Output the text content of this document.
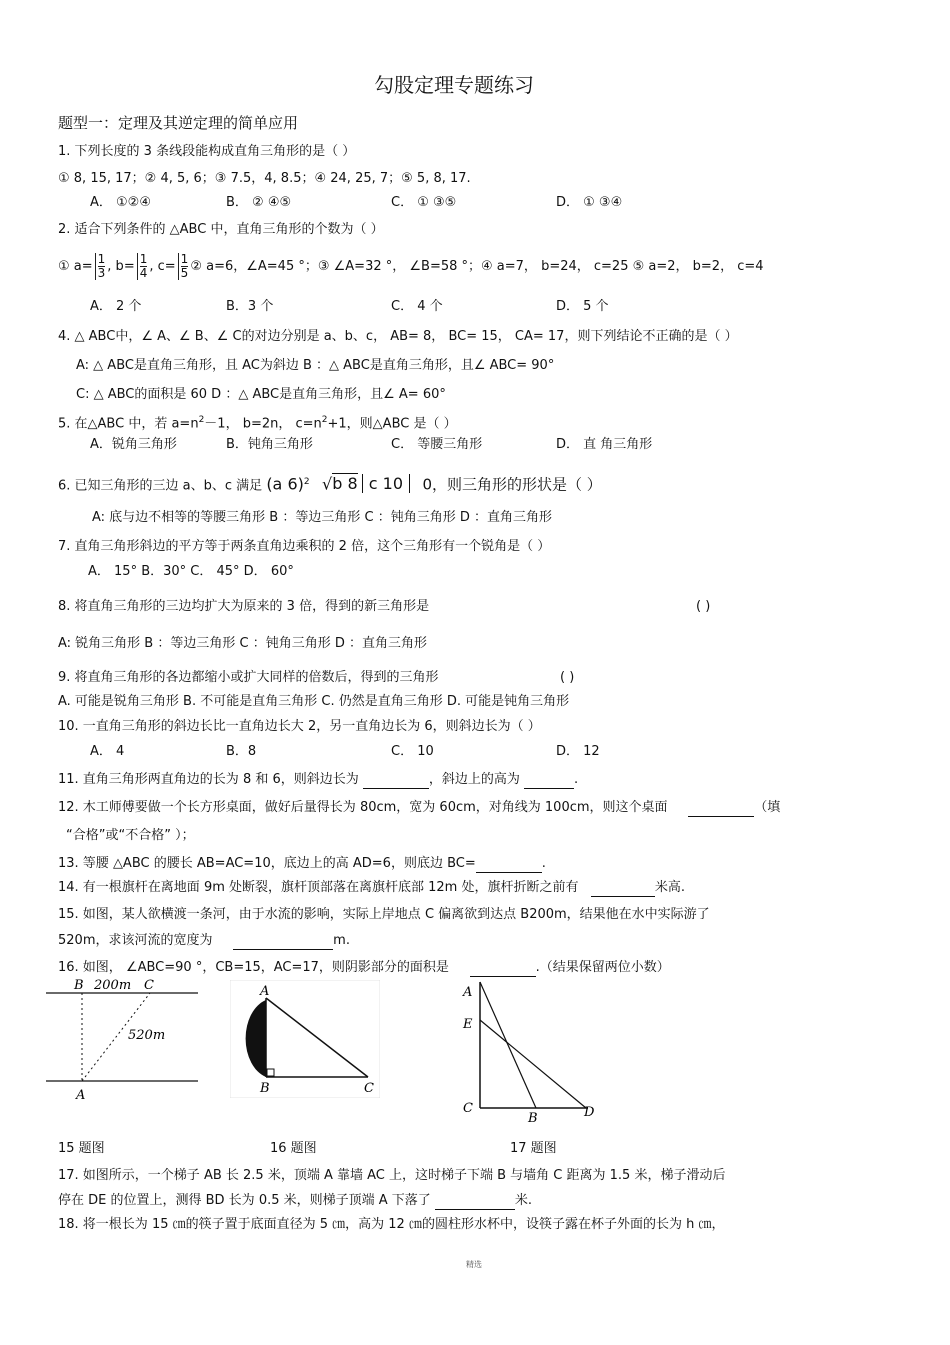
勾股定理专题练习
题型一：定理及其逆定理的简单应用
1. 下列长度的 3 条线段能构成直角三角形的是（ ）
① 8, 15, 17；② 4, 5, 6；③ 7.5，4, 8.5；④ 24, 25, 7；⑤ 5, 8, 17.
A． ①②④	B． ② ④⑤	C． ① ③⑤	D． ① ③④
2. 适合下列条件的 △ABC 中，直角三角形的个数为（ ）
① $a= \frac{1}{3}$ , $b= \frac{1}{4}$ , $c= \frac{1}{5}$ ② a=6，∠A=45 °；③ ∠A=32 °， ∠B=58 °；④ a=7， b=24， c=25 ⑤ a=2， b=2， c=4
A． 2 个	B．3 个	C． 4 个	D． 5 个
4. △ ABC中，∠ A、∠ B、∠ C的对边分别是 a、b、c， AB= 8， BC= 15， CA= 17，则下列结论不正确的是（ ）
A: △ ABC是直角三角形，且 AC为斜边 B ：△ ABC是直角三角形，且∠ ABC= 90°
C: △ ABC的面积是 60 D ：△ ABC是直角三角形，且∠ A= 60°
5. 在△ABC 中，若 $a=n^2-1$， b=2n， $c=n^2+1$，则△ABC 是（ ）
A．锐角三角形	B．钝角三角形	C． 等腰三角形	D． 直 角三角形
6. 已知三角形的三边 a、b、c 满足 (a 6)$^2$ √b 8 c 10 0，则三角形的形状是（ ）
A: 底与边不相等的等腰三角形 B ：等边三角形 C ：钝角三角形 D ：直角三角形
7. 直角三角形斜边的平方等于两条直角边乘积的 2 倍，这个三角形有一个锐角是（ ）
A． 15° B．30° C． 45° D． 60°
8. 将直角三角形的三边均扩大为原来的 3 倍，得到的新三角形是	( )
A: 锐角三角形 B ：等边三角形 C ：钝角三角形 D ：直角三角形
9. 将直角三角形的各边都缩小或扩大同样的倍数后，得到的三角形	( )
A. 可能是锐角三角形 B. 不可能是直角三角形 C. 仍然是直角三角形 D. 可能是钝角三角形
10. 一直角三角形的斜边长比一直角边长大 2，另一直角边长为 6，则斜边长为（ ）
A． 4	B．8	C． 10	D． 12
11. 直角三角形两直角边的长为 8 和 6，则斜边长为	，斜边上的高为	.
12. 木工师傅要做一个长方形桌面，做好后量得长为 80cm，宽为 60cm，对角线为 100cm，则这个桌面	（填
“合格”或“不合格” ）；
13. 等腰 △ABC 的腰长 AB=AC=10，底边上的高 AD=6，则底边 BC=	.
14. 有一根旗杆在离地面 9m 处断裂，旗杆顶部落在离旗杆底部 12m 处，旗杆折断之前有	米高.
15. 如图，某人欲横渡一条河，由于水流的影响，实际上岸地点 C 偏离欲到达点 B200m，结果他在水中实际游了
520m，求该河流的宽度为	m.
16. 如图， ∠ABC=90 °，CB=15，AC=17，则阴影部分的面积是	.（结果保留两位小数）
B 200m C
520m
A
A
B	C
A
E
C
B	D
15 题图	16 题图	17 题图
17. 如图所示，一个梯子 AB 长 2.5 米，顶端 A 靠墙 AC 上，这时梯子下端 B 与墙角 C 距离为 1.5 米，梯子滑动后
停在 DE 的位置上，测得 BD 长为 0.5 米，则梯子顶端 A 下落了	米.
18. 将一根长为 15 ㎝的筷子置于底面直径为 5 ㎝，高为 12 ㎝的圆柱形水杯中，设筷子露在杯子外面的长为 h ㎝，
精选
